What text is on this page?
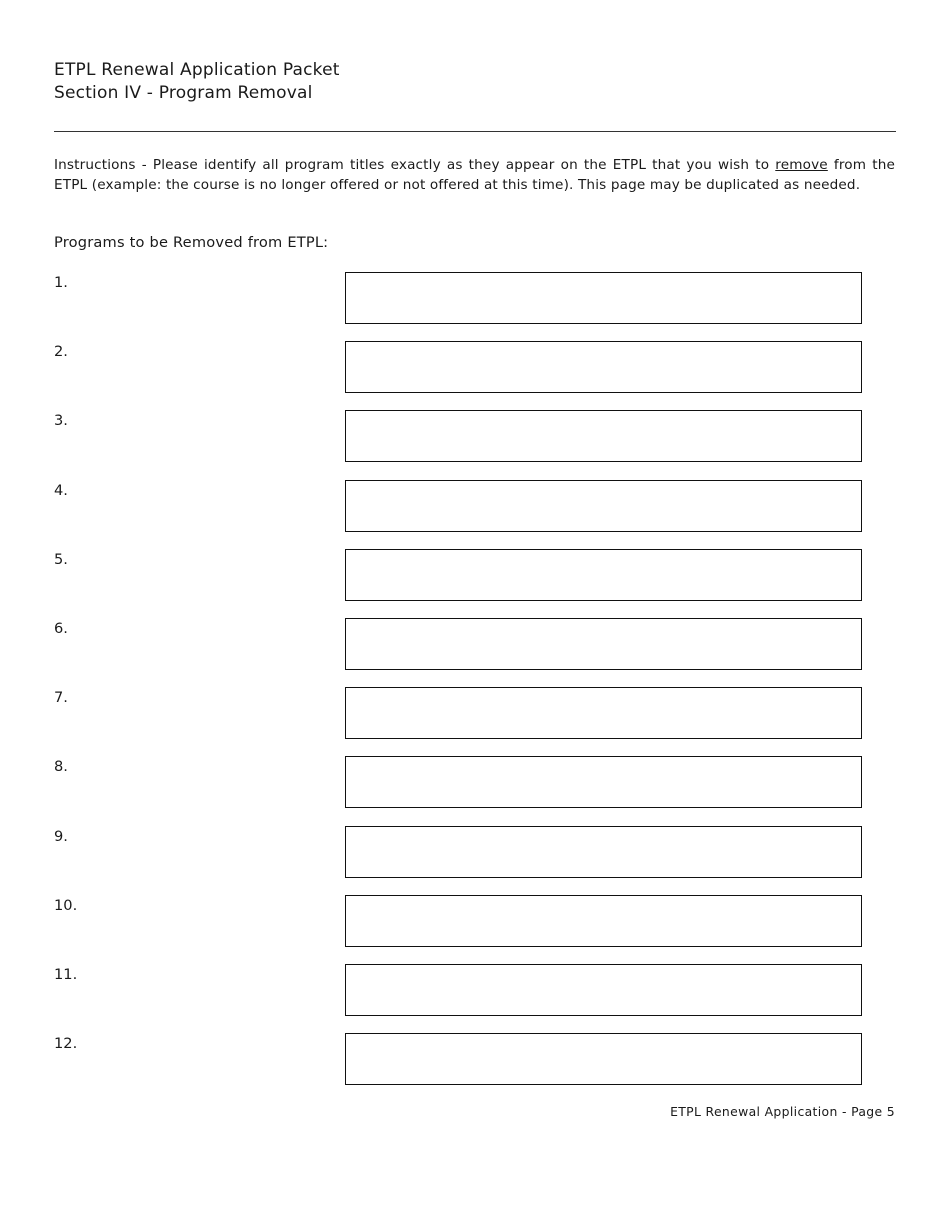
ETPL Renewal Application Packet
Section IV - Program Removal
Instructions - Please identify all program titles exactly as they appear on the ETPL that you wish to remove from the ETPL (example: the course is no longer offered or not offered at this time). This page may be duplicated as needed.
Programs to be Removed from ETPL:
1.
2.
3.
4.
5.
6.
7.
8.
9.
10.
11.
12.
ETPL Renewal Application - Page 5
